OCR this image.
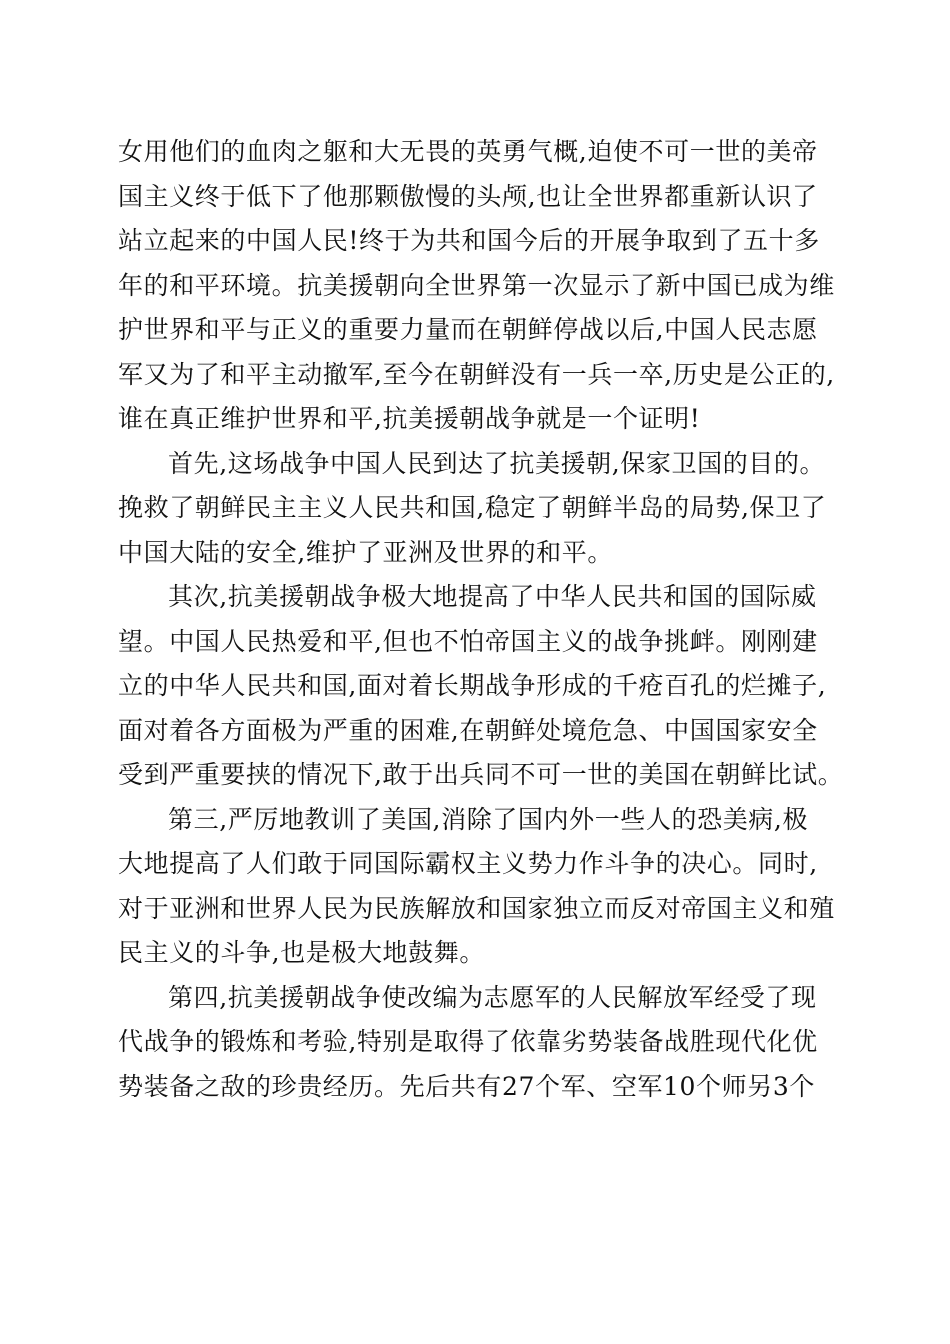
女用他们的血肉之躯和大无畏的英勇气概,迫使不可一世的美帝
国主义终于低下了他那颗傲慢的头颅,也让全世界都重新认识了
站立起来的中国人民!终于为共和国今后的开展争取到了五十多
年的和平环境。抗美援朝向全世界第一次显示了新中国已成为维
护世界和平与正义的重要力量而在朝鲜停战以后,中国人民志愿
军又为了和平主动撤军,至今在朝鲜没有一兵一卒,历史是公正的,
谁在真正维护世界和平,抗美援朝战争就是一个证明!
首先,这场战争中国人民到达了抗美援朝,保家卫国的目的。
挽救了朝鲜民主主义人民共和国,稳定了朝鲜半岛的局势,保卫了
中国大陆的安全,维护了亚洲及世界的和平。
其次,抗美援朝战争极大地提高了中华人民共和国的国际威
望。中国人民热爱和平,但也不怕帝国主义的战争挑衅。刚刚建
立的中华人民共和国,面对着长期战争形成的千疮百孔的烂摊子,
面对着各方面极为严重的困难,在朝鲜处境危急、中国国家安全
受到严重要挟的情况下,敢于出兵同不可一世的美国在朝鲜比试。
第三,严厉地教训了美国,消除了国内外一些人的恐美病,极
大地提高了人们敢于同国际霸权主义势力作斗争的决心。同时,
对于亚洲和世界人民为民族解放和国家独立而反对帝国主义和殖
民主义的斗争,也是极大地鼓舞。
第四,抗美援朝战争使改编为志愿军的人民解放军经受了现
代战争的锻炼和考验,特别是取得了依靠劣势装备战胜现代化优
势装备之敌的珍贵经历。先后共有27个军、空军10个师另3个
